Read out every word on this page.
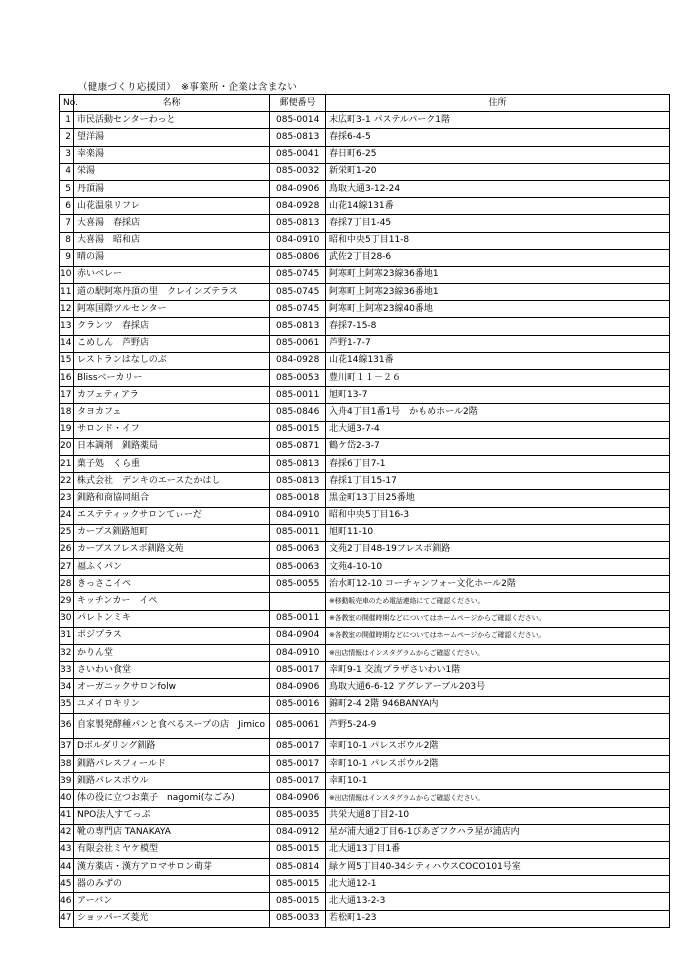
（健康づくり応援団）　※事業所・企業は含まない
No.	名称	郵便番号	住所
1	市民活動センターわっと	085-0014	末広町3-1 パステルパーク1階
2	望洋湯	085-0813	春採6-4-5
3	幸楽湯	085-0041	春日町6-25
4	栄湯	085-0032	新栄町1-20
5	丹頂湯	084-0906	鳥取大通3-12-24
6	山花温泉リフレ	084-0928	山花14線131番
7	大喜湯　春採店	085-0813	春採7丁目1-45
8	大喜湯　昭和店	084-0910	昭和中央5丁目11-8
9	晴の湯	085-0806	武佐2丁目28-6
10	赤いベレー	085-0745	阿寒町上阿寒23線36番地1
11	道の駅阿寒丹頂の里　クレインズテラス	085-0745	阿寒町上阿寒23線36番地1
12	阿寒国際ツルセンター	085-0745	阿寒町上阿寒23線40番地
13	クランツ　春採店	085-0813	春採7-15-8
14	こめしん　芦野店	085-0061	芦野1-7-7
15	レストランはなしのぶ	084-0928	山花14線131番
16	Blissベーカリー	085-0053	豊川町１１－２６
17	カフェティアラ	085-0011	旭町13-7
18	タヨカフェ	085-0846	入舟4丁目1番1号　かもめホール2階
19	サロンド・イフ	085-0015	北大通3-7-4
20	日本調剤　釧路薬局	085-0871	鶴ケ岱2-3-7
21	菓子処　くら重	085-0813	春採6丁目7-1
22	株式会社　デンキのエースたかはし	085-0813	春採1丁目15-17
23	釧路和商協同組合	085-0018	黒金町13丁目25番地
24	エステティックサロンてぃーだ	084-0910	昭和中央5丁目16-3
25	カーブス釧路旭町	085-0011	旭町11-10
26	カーブスフレスポ釧路文苑	085-0063	文苑2丁目48-19フレスポ釧路
27	福ふくパン	085-0063	文苑4-10-10
28	きっさこイペ	085-0055	治水町12-10 コーチャンフォー文化ホール2階
29	キッチンカー　イペ		※移動販売車のため電話連絡にてご確認ください。
30	パレトンミキ	085-0011	※各教室の開催時期などについてはホームページからご確認ください。
31	ポジプラス	084-0904	※各教室の開催時期などについてはホームページからご確認ください。
32	かりん堂	084-0910	※出店情報はインスタグラムからご確認ください。
33	さいわい食堂	085-0017	幸町9-1 交流プラザさいわい1階
34	オーガニックサロンfolw	084-0906	鳥取大通6-6-12 アグレアーブル203号
35	ユメイロキリン	085-0016	錦町2-4 2階 946BANYA内
36	自家製発酵種パンと食べるスープの店　Jimico	085-0061	芦野5-24-9
37	Dボルダリング釧路	085-0017	幸町10-1 パレスボウル2階
38	釧路パレスフィールド	085-0017	幸町10-1 パレスボウル2階
39	釧路パレスボウル	085-0017	幸町10-1
40	体の役に立つお菓子　nagomi(なごみ)	084-0906	※出店情報はインスタグラムからご確認ください。
41	NPO法人すてっぷ	085-0035	共栄大通8丁目2-10
42	靴の専門店 TANAKAYA	084-0912	星が浦大通2丁目6-1ぴあざフクハラ星が浦店内
43	有限会社ミヤケ模型	085-0015	北大通13丁目1番
44	漢方薬店・漢方アロマサロン萌芽	085-0814	緑ケ岡5丁目40-34シティハウスCOCO101号室
45	器のみずの	085-0015	北大通12-1
46	アーバン	085-0015	北大通13-2-3
47	ショッパーズ菱光	085-0033	若松町1-23
